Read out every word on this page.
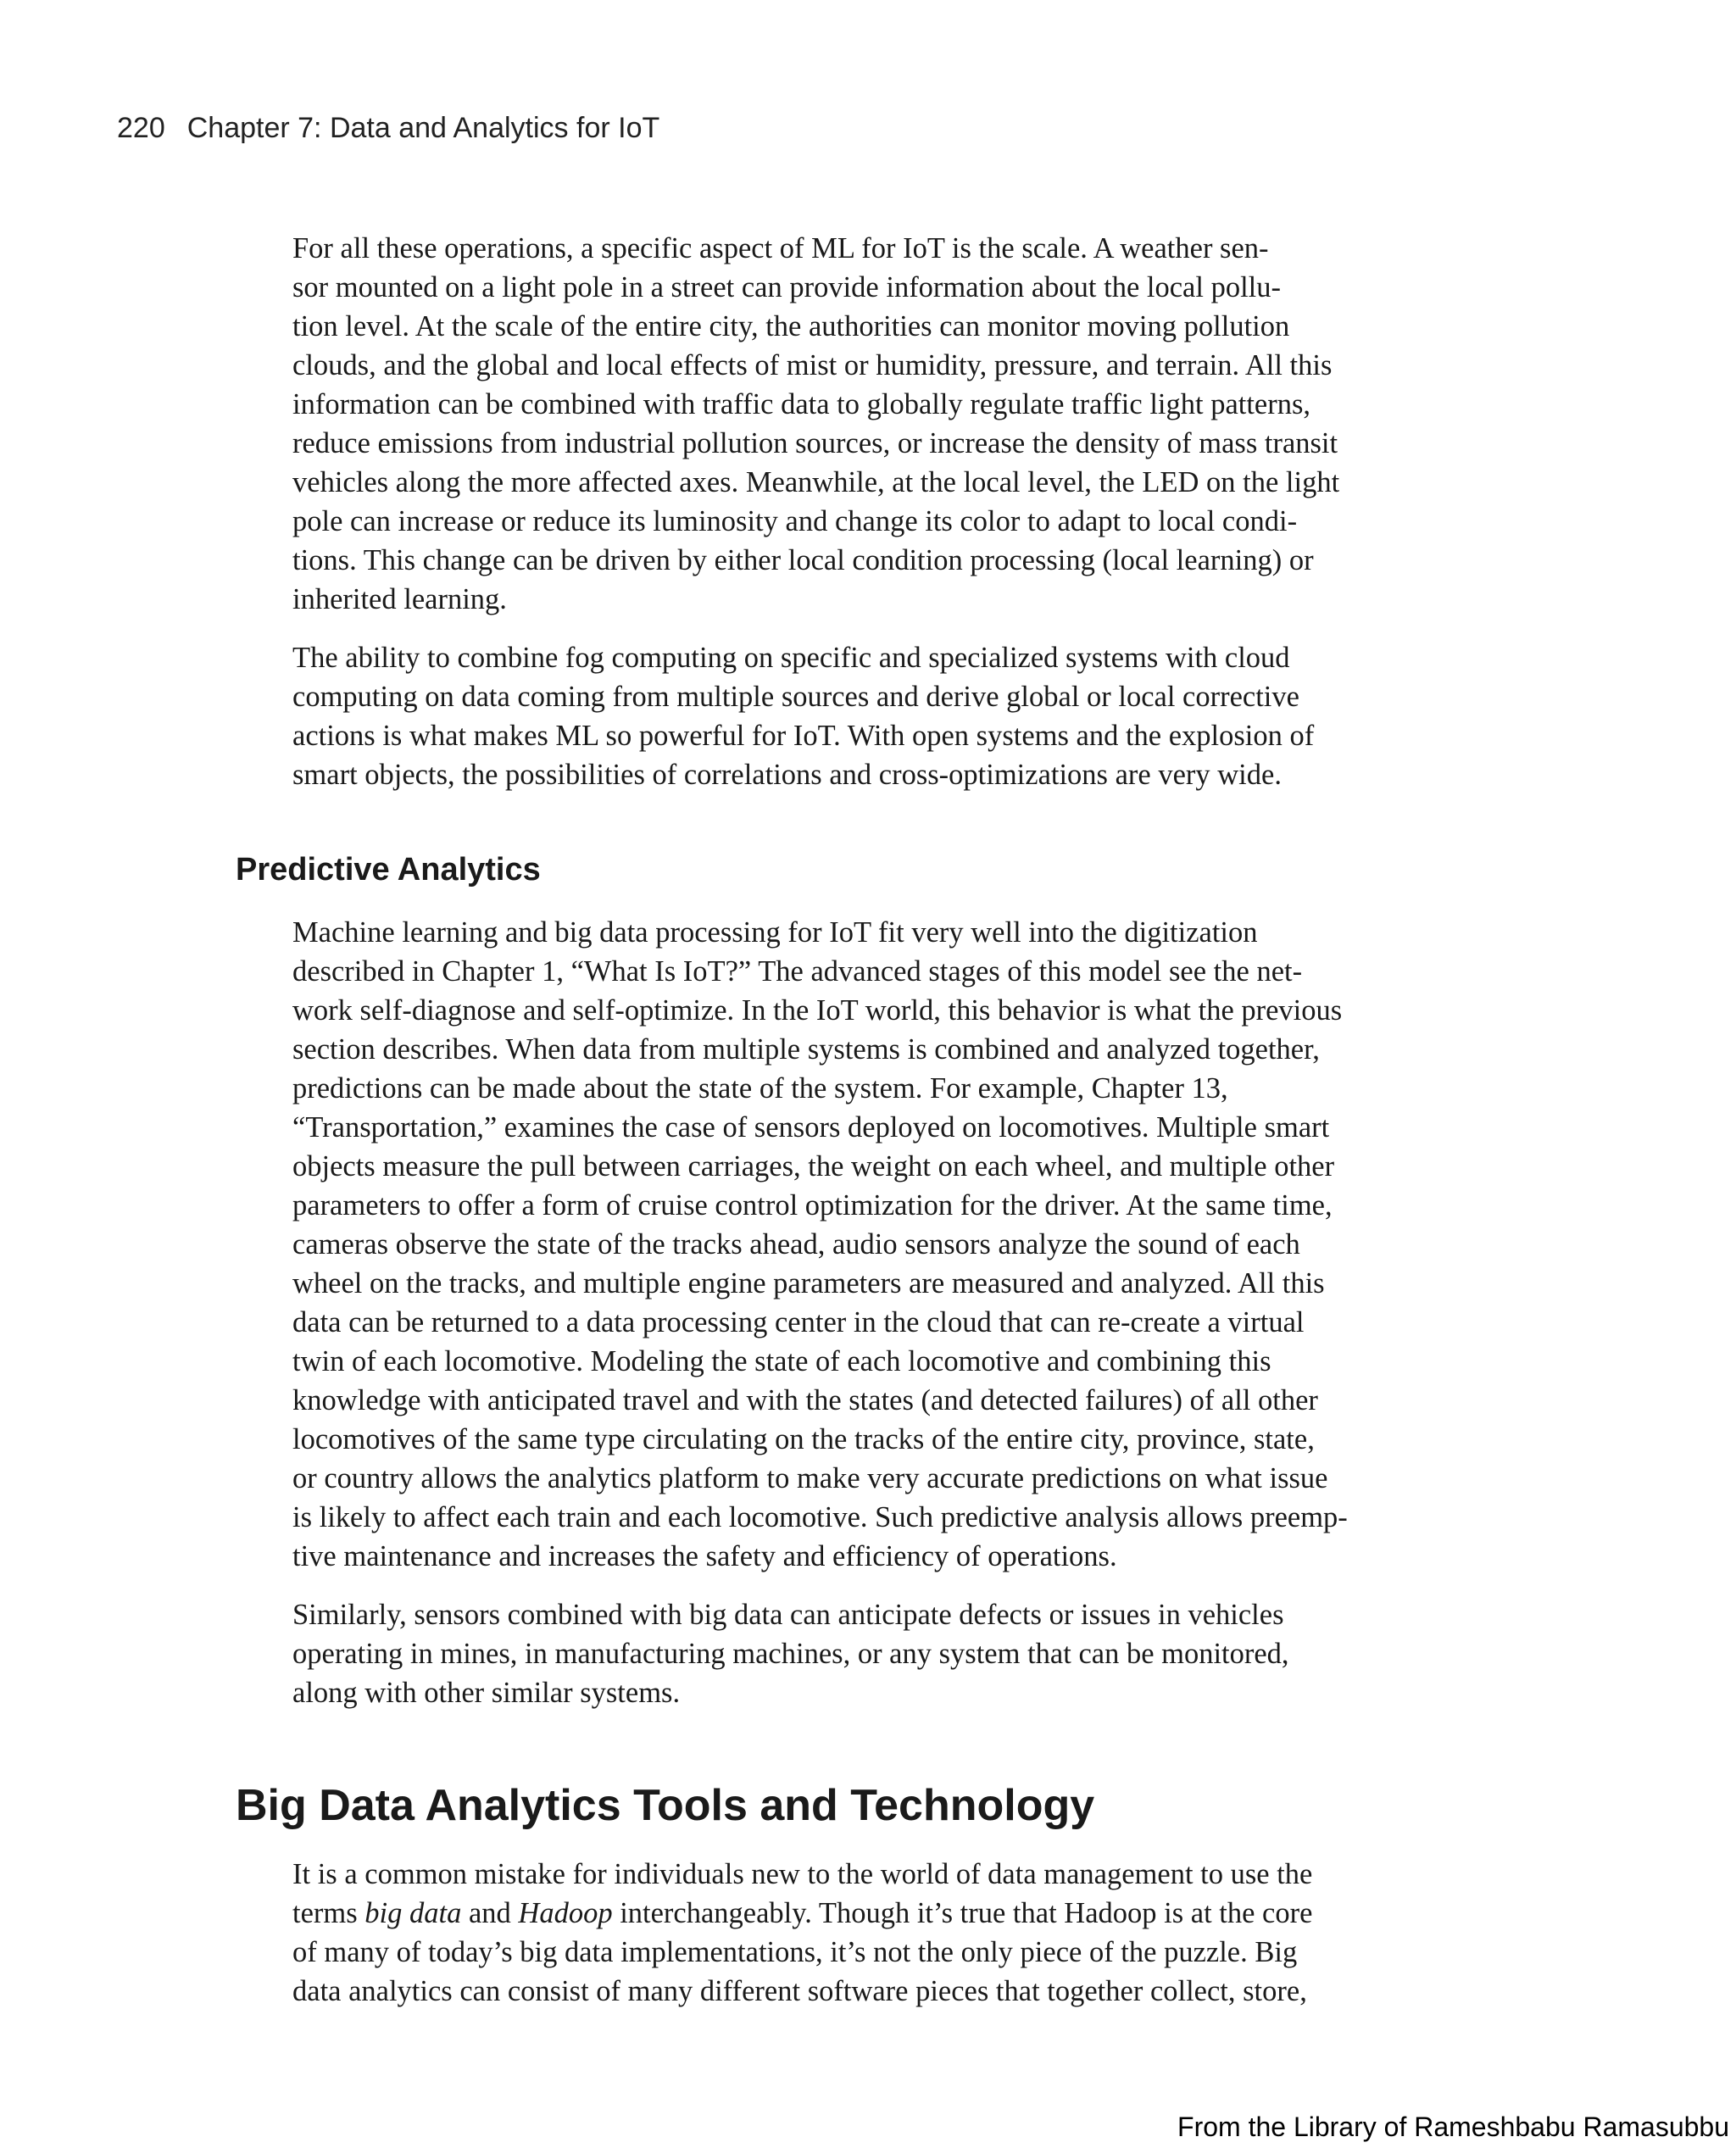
220 Chapter 7: Data and Analytics for IoT

For all these operations, a specific aspect of ML for IoT is the scale. A weather sen-
sor mounted on a light pole in a street can provide information about the local pollu-
tion level. At the scale of the entire city, the authorities can monitor moving pollution
clouds, and the global and local effects of mist or humidity, pressure, and terrain. All this
information can be combined with traffic data to globally regulate traffic light patterns,
reduce emissions from industrial pollution sources, or increase the density of mass transit
vehicles along the more affected axes. Meanwhile, at the local level, the LED on the light
pole can increase or reduce its luminosity and change its color to adapt to local condi-
tions. This change can be driven by either local condition processing (local learning) or
inherited learning.

The ability to combine fog computing on specific and specialized systems with cloud
computing on data coming from multiple sources and derive global or local corrective
actions is what makes ML so powerful for IoT. With open systems and the explosion of
smart objects, the possibilities of correlations and cross-optimizations are very wide.

Predictive Analytics

Machine learning and big data processing for IoT fit very well into the digitization
described in Chapter 1, “What Is IoT?” The advanced stages of this model see the net-
work self-diagnose and self-optimize. In the IoT world, this behavior is what the previous
section describes. When data from multiple systems is combined and analyzed together,
predictions can be made about the state of the system. For example, Chapter 13,
“Transportation,” examines the case of sensors deployed on locomotives. Multiple smart
objects measure the pull between carriages, the weight on each wheel, and multiple other
parameters to offer a form of cruise control optimization for the driver. At the same time,
cameras observe the state of the tracks ahead, audio sensors analyze the sound of each
wheel on the tracks, and multiple engine parameters are measured and analyzed. All this
data can be returned to a data processing center in the cloud that can re-create a virtual
twin of each locomotive. Modeling the state of each locomotive and combining this
knowledge with anticipated travel and with the states (and detected failures) of all other
locomotives of the same type circulating on the tracks of the entire city, province, state,
or country allows the analytics platform to make very accurate predictions on what issue
is likely to affect each train and each locomotive. Such predictive analysis allows preemp-
tive maintenance and increases the safety and efficiency of operations.

Similarly, sensors combined with big data can anticipate defects or issues in vehicles
operating in mines, in manufacturing machines, or any system that can be monitored,
along with other similar systems.

Big Data Analytics Tools and Technology

It is a common mistake for individuals new to the world of data management to use the
terms big data and Hadoop interchangeably. Though it’s true that Hadoop is at the core
of many of today’s big data implementations, it’s not the only piece of the puzzle. Big
data analytics can consist of many different software pieces that together collect, store,

From the Library of Rameshbabu Ramasubbu
